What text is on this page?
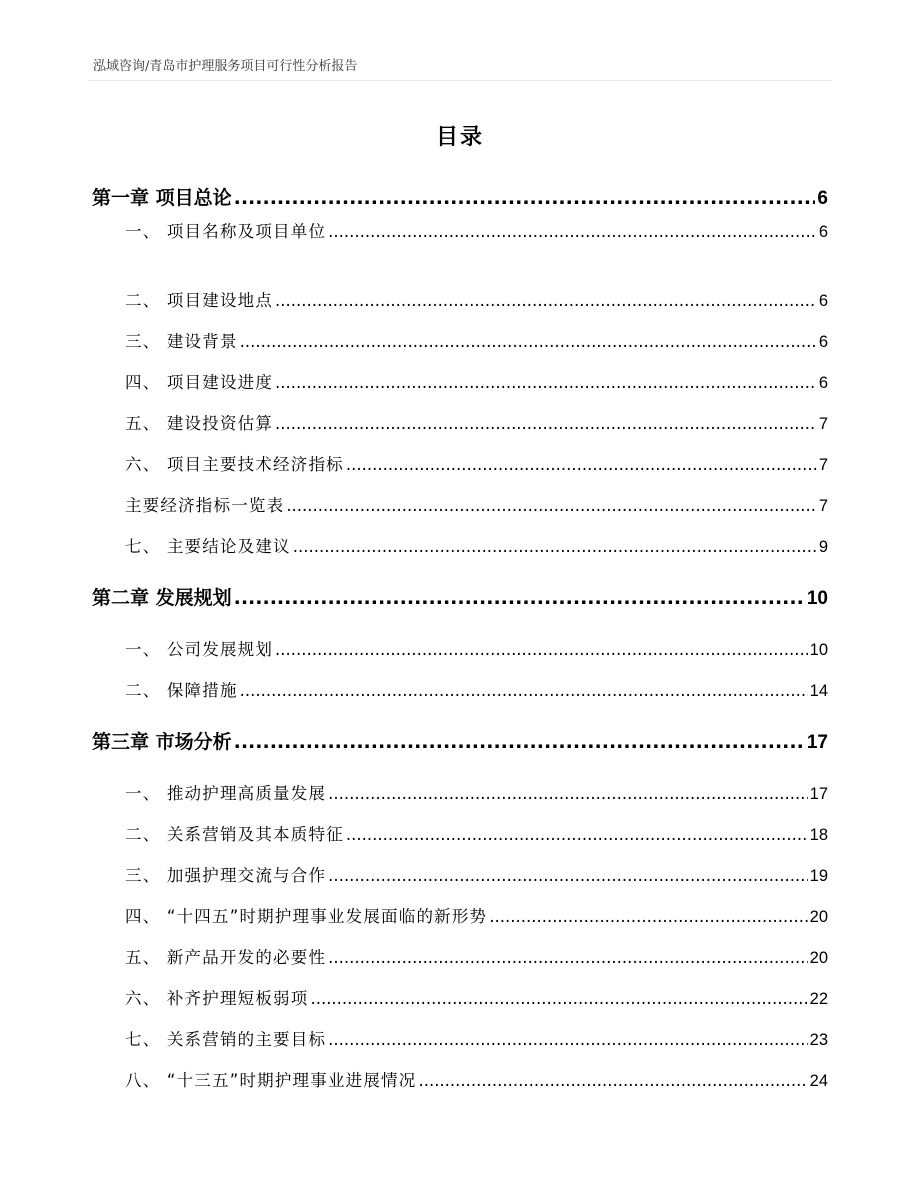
泓域咨询/青岛市护理服务项目可行性分析报告
目录
第一章 项目总论 .....	6
一、 项目名称及项目单位 .....	6
二、 项目建设地点 .....	6
三、 建设背景 .....	6
四、 项目建设进度 .....	6
五、 建设投资估算 .....	7
六、 项目主要技术经济指标 .....	7
主要经济指标一览表 .....	7
七、 主要结论及建议 .....	9
第二章 发展规划 .....	10
一、 公司发展规划 .....	10
二、 保障措施 .....	14
第三章 市场分析 .....	17
一、 推动护理高质量发展 .....	17
二、 关系营销及其本质特征 .....	18
三、 加强护理交流与合作 .....	19
四、 “十四五”时期护理事业发展面临的新形势 .....	20
五、 新产品开发的必要性 .....	20
六、 补齐护理短板弱项 .....	22
七、 关系营销的主要目标 .....	23
八、 “十三五”时期护理事业进展情况 .....	24
